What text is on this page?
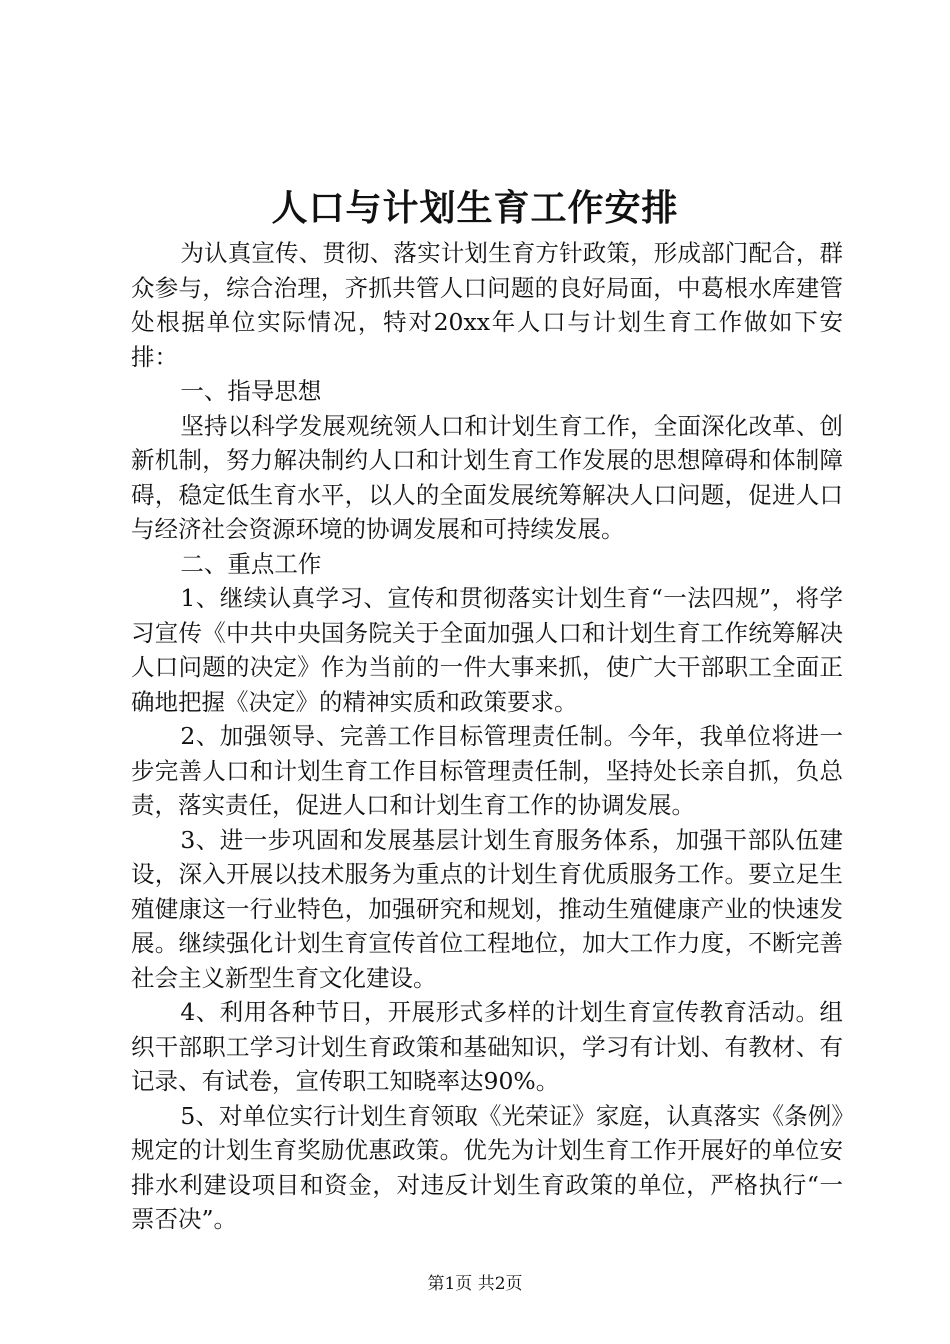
人口与计划生育工作安排

为认真宣传、贯彻、落实计划生育方针政策，形成部门配合，群众参与，综合治理，齐抓共管人口问题的良好局面，中葛根水库建管处根据单位实际情况，特对20xx年人口与计划生育工作做如下安排：

一、指导思想

坚持以科学发展观统领人口和计划生育工作，全面深化改革、创新机制，努力解决制约人口和计划生育工作发展的思想障碍和体制障碍，稳定低生育水平，以人的全面发展统筹解决人口问题，促进人口与经济社会资源环境的协调发展和可持续发展。

二、重点工作

1、继续认真学习、宣传和贯彻落实计划生育“一法四规”，将学习宣传《中共中央国务院关于全面加强人口和计划生育工作统筹解决人口问题的决定》作为当前的一件大事来抓，使广大干部职工全面正确地把握《决定》的精神实质和政策要求。

2、加强领导、完善工作目标管理责任制。今年，我单位将进一步完善人口和计划生育工作目标管理责任制，坚持处长亲自抓，负总责，落实责任，促进人口和计划生育工作的协调发展。

3、进一步巩固和发展基层计划生育服务体系，加强干部队伍建设，深入开展以技术服务为重点的计划生育优质服务工作。要立足生殖健康这一行业特色，加强研究和规划，推动生殖健康产业的快速发展。继续强化计划生育宣传首位工程地位，加大工作力度，不断完善社会主义新型生育文化建设。

4、利用各种节日，开展形式多样的计划生育宣传教育活动。组织干部职工学习计划生育政策和基础知识，学习有计划、有教材、有记录、有试卷，宣传职工知晓率达90%。

5、对单位实行计划生育领取《光荣证》家庭，认真落实《条例》规定的计划生育奖励优惠政策。优先为计划生育工作开展好的单位安排水利建设项目和资金，对违反计划生育政策的单位，严格执行“一票否决”。

第1页 共2页
